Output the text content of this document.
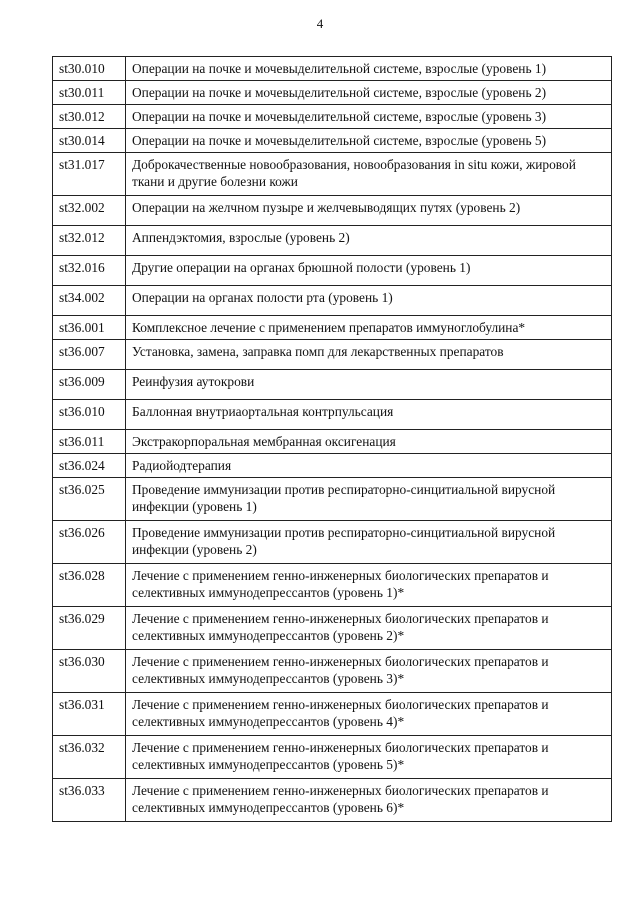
4
st30.010	Операции на почке и мочевыделительной системе, взрослые (уровень 1)
st30.011	Операции на почке и мочевыделительной системе, взрослые (уровень 2)
st30.012	Операции на почке и мочевыделительной системе, взрослые (уровень 3)
st30.014	Операции на почке и мочевыделительной системе, взрослые (уровень 5)
st31.017	Доброкачественные новообразования, новообразования in situ кожи, жировой ткани и другие болезни кожи
st32.002	Операции на желчном пузыре и желчевыводящих путях (уровень 2)
st32.012	Аппендэктомия, взрослые (уровень 2)
st32.016	Другие операции на органах брюшной полости (уровень 1)
st34.002	Операции на органах полости рта (уровень 1)
st36.001	Комплексное лечение с применением препаратов иммуноглобулина*
st36.007	Установка, замена, заправка помп для лекарственных препаратов
st36.009	Реинфузия аутокрови
st36.010	Баллонная внутриаортальная контрпульсация
st36.011	Экстракорпоральная мембранная оксигенация
st36.024	Радиойодтерапия
st36.025	Проведение иммунизации против респираторно-синцитиальной вирусной инфекции (уровень 1)
st36.026	Проведение иммунизации против респираторно-синцитиальной вирусной инфекции (уровень 2)
st36.028	Лечение с применением генно-инженерных биологических препаратов и селективных иммунодепрессантов (уровень 1)*
st36.029	Лечение с применением генно-инженерных биологических препаратов и селективных иммунодепрессантов (уровень 2)*
st36.030	Лечение с применением генно-инженерных биологических препаратов и селективных иммунодепрессантов (уровень 3)*
st36.031	Лечение с применением генно-инженерных биологических препаратов и селективных иммунодепрессантов (уровень 4)*
st36.032	Лечение с применением генно-инженерных биологических препаратов и селективных иммунодепрессантов (уровень 5)*
st36.033	Лечение с применением генно-инженерных биологических препаратов и селективных иммунодепрессантов (уровень 6)*
